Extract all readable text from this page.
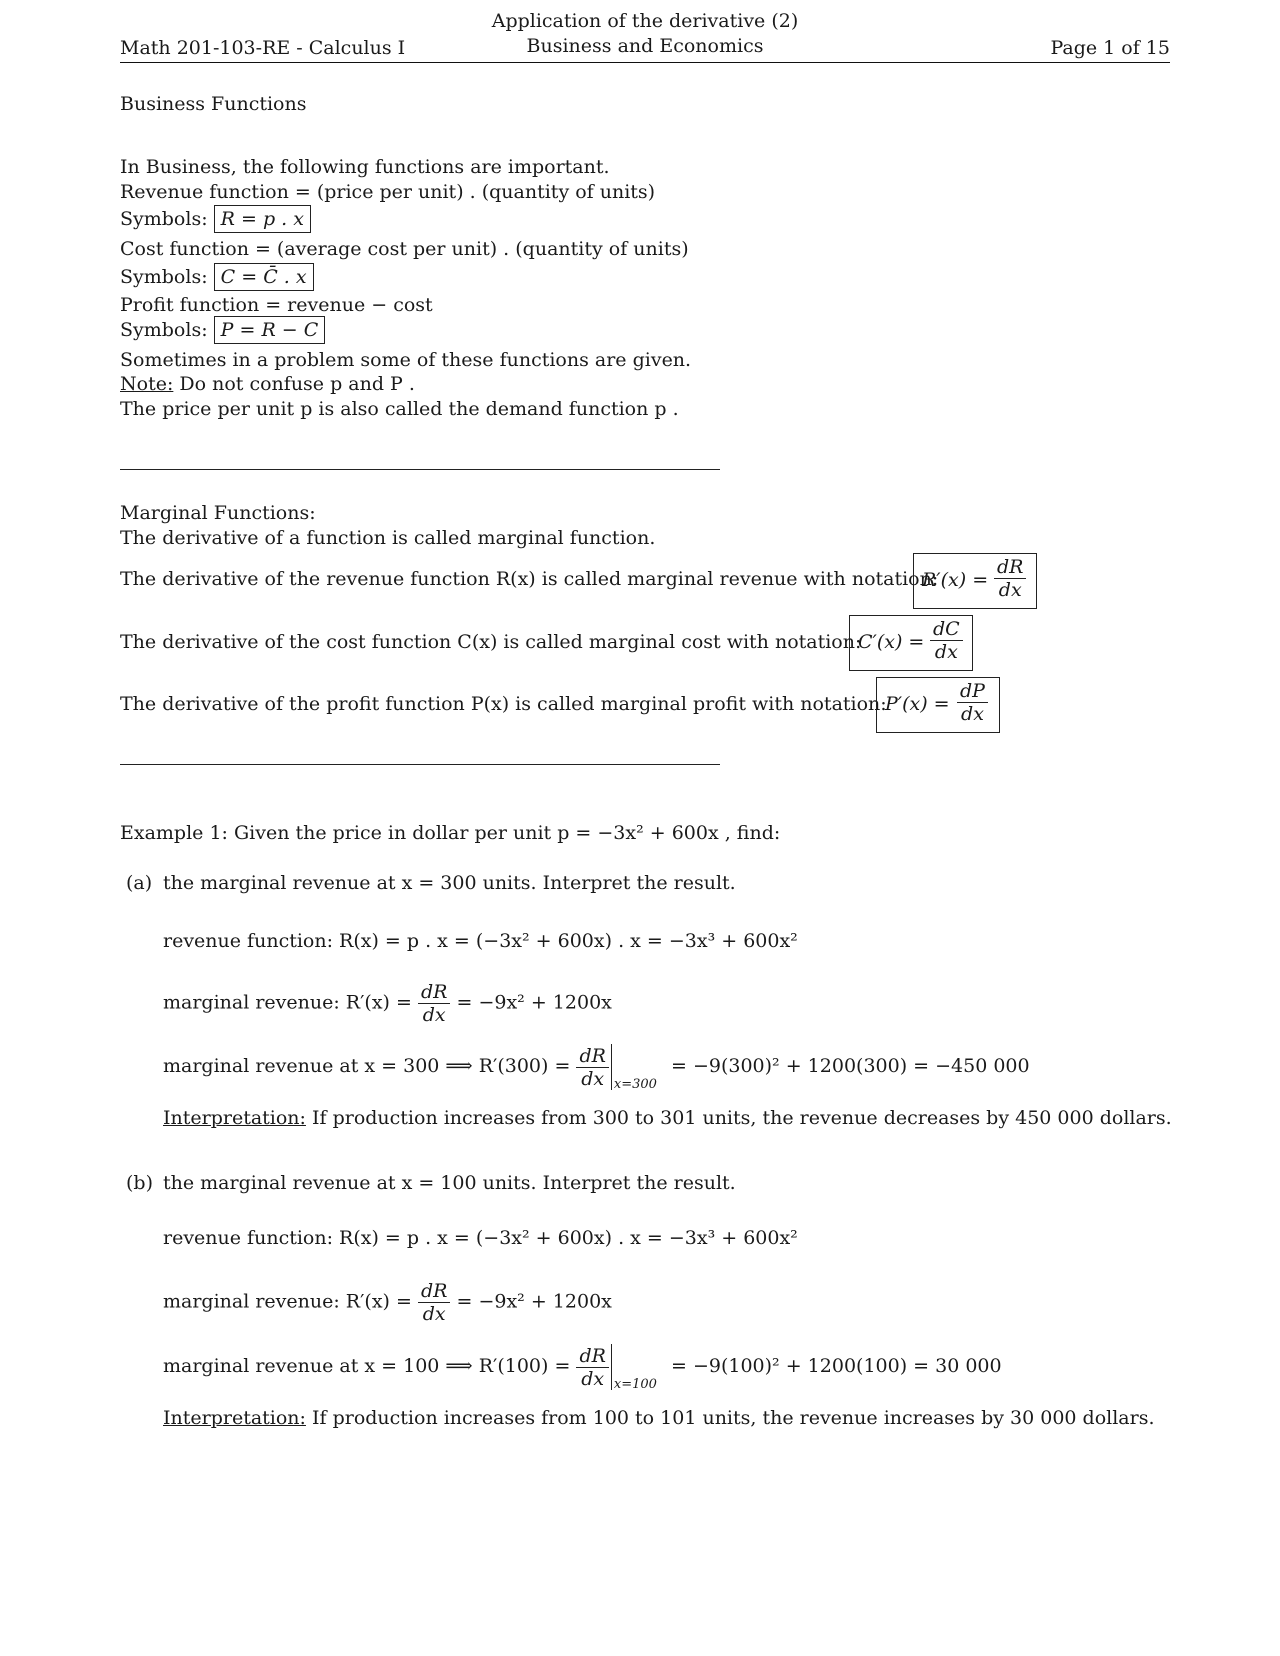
Math 201-103-RE - Calculus I
Application of the derivative (2)
Business and Economics	Page 1 of 15
Business Functions
In Business, the following functions are important.
Revenue function = (price per unit) . (quantity of units)
Symbols: R = p . x
Cost function = (average cost per unit) . (quantity of units)
Symbols: C = C̄ . x
Profit function = revenue − cost
Symbols: P = R − C
Sometimes in a problem some of these functions are given.
Note: Do not confuse p and P .
The price per unit p is also called the demand function p .
Marginal Functions:
The derivative of a function is called marginal function.
The derivative of the revenue function R(x) is called marginal revenue with notation:
$R'(x) = \frac{dR}{dx}$
The derivative of the cost function C(x) is called marginal cost with notation:
$C'(x) = \frac{dC}{dx}$
The derivative of the profit function P(x) is called marginal profit with notation:
$P'(x) = \frac{dP}{dx}$
Example 1: Given the price in dollar per unit p = −3x² + 600x , find:
(a) the marginal revenue at x = 300 units. Interpret the result.
revenue function: R(x) = p . x = (−3x² + 600x) . x = −3x³ + 600x²
marginal revenue: $R'(x) = \frac{dR}{dx} = -9x^2 + 1200x$
marginal revenue at x = 300 ⟹ $R'(300) = \frac{dR}{dx} _{x=300} = -9(300)^2 + 1200(300) = -450$ 000
Interpretation: If production increases from 300 to 301 units, the revenue decreases by 450 000 dollars.
(b) the marginal revenue at x = 100 units. Interpret the result.
revenue function: R(x) = p . x = (−3x² + 600x) . x = −3x³ + 600x²
marginal revenue: $R'(x) = \frac{dR}{dx} = -9x^2 + 1200x$
marginal revenue at x = 100 ⟹ $R'(100) = \frac{dR}{dx} _{x=100} = -9(100)^2 + 1200(100) = 30$ 000
Interpretation: If production increases from 100 to 101 units, the revenue increases by 30 000 dollars.
